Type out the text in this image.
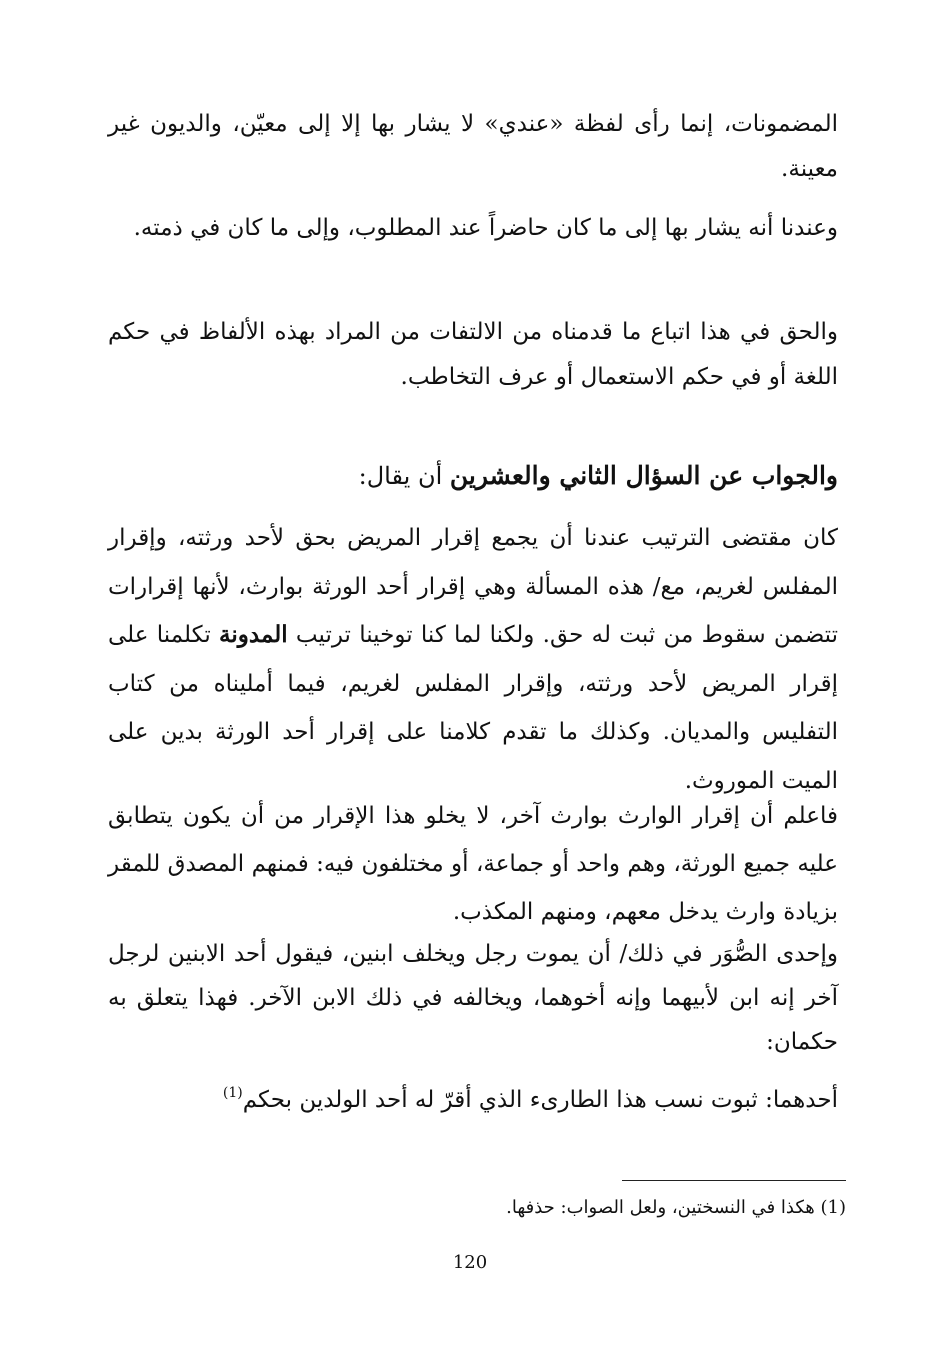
المضمونات، إنما رأى لفظة «عندي» لا يشار بها إلا إلى معيّن، والديون غير معينة.

وعندنا أنه يشار بها إلى ما كان حاضراً عند المطلوب، وإلى ما كان في ذمته.

والحق في هذا اتباع ما قدمناه من الالتفات من المراد بهذه الألفاظ في حكم اللغة أو في حكم الاستعمال أو عرف التخاطب.

والجواب عن السؤال الثاني والعشرين أن يقال:

كان مقتضى الترتيب عندنا أن يجمع إقرار المريض بحق لأحد ورثته، وإقرار المفلس لغريم، مع/ هذه المسألة وهي إقرار أحد الورثة بوارث، لأنها إقرارات تتضمن سقوط من ثبت له حق. ولكنا لما كنا توخينا ترتيب المدونة تكلمنا على إقرار المريض لأحد ورثته، وإقرار المفلس لغريم، فيما أمليناه من كتاب التفليس والمديان. وكذلك ما تقدم كلامنا على إقرار أحد الورثة بدين على الميت الموروث.

فاعلم أن إقرار الوارث بوارث آخر، لا يخلو هذا الإقرار من أن يكون يتطابق عليه جميع الورثة، وهم واحد أو جماعة، أو مختلفون فيه: فمنهم المصدق للمقر بزيادة وارث يدخل معهم، ومنهم المكذب.

وإحدى الصُّوَر في ذلك/ أن يموت رجل ويخلف ابنين، فيقول أحد الابنين لرجل آخر إنه ابن لأبيهما وإنه أخوهما، ويخالفه في ذلك الابن الآخر. فهذا يتعلق به حكمان:

أحدهما: ثبوت نسب هذا الطارىء الذي أقرّ له أحد الولدين بحكم$^{(1)}$

(1) هكذا في النسختين، ولعل الصواب: حذفها.

120
